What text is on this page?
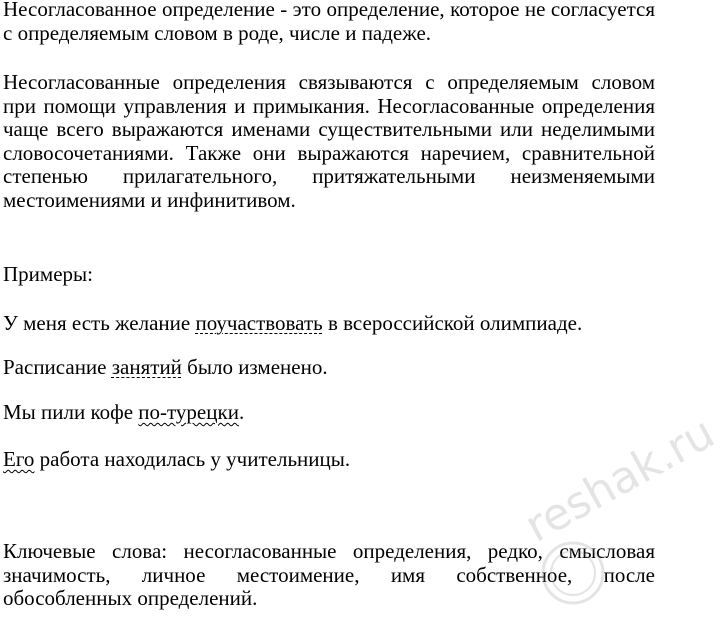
Несогласованное определение - это определение, которое не согласуется с определяемым словом в роде, числе и падеже.

Несогласованные определения связываются с определяемым словом при помощи управления и примыкания. Несогласованные определения чаще всего выражаются именами существительными или неделимыми словосочетаниями. Также они выражаются наречием, сравнительной степенью прилагательного, притяжательными неизменяемыми местоимениями и инфинитивом.

Примеры:

У меня есть желание поучаствовать в всероссийской олимпиаде.

Расписание занятий было изменено.

Мы пили кофе по-турецки.

Его работа находилась у учительницы.

Ключевые слова: несогласованные определения, редко, смысловая значимость, личное местоимение, имя собственное, после обособленных определений.

reshak.ru
